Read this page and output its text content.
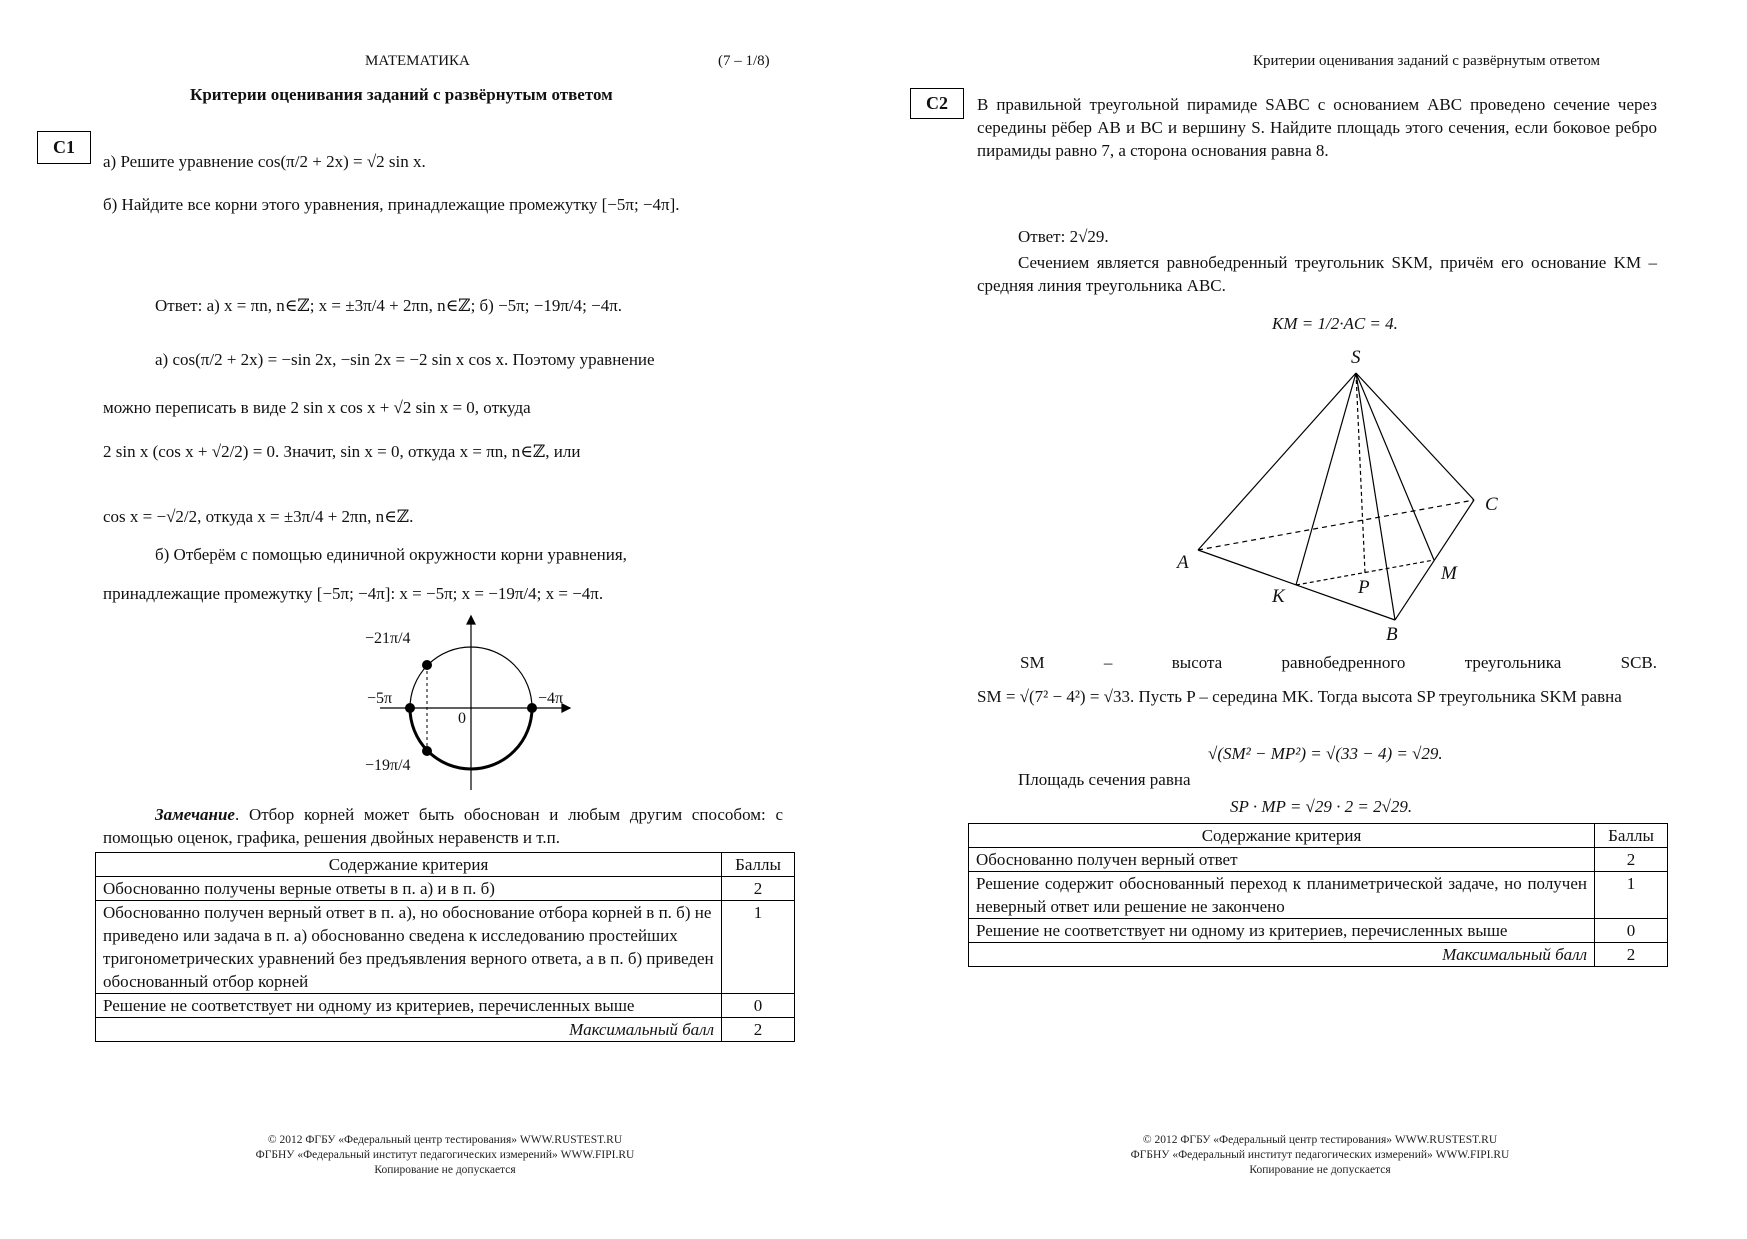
МАТЕМАТИКА	(7 – 1/8)
Критерии оценивания заданий с развёрнутым ответом
C1
а) Решите уравнение cos(π/2 + 2x) = √2 sin x.
б) Найдите все корни этого уравнения, принадлежащие промежутку [−5π; −4π].
Ответ: а) x = πn, n∈ℤ; x = ±3π/4 + 2πn, n∈ℤ; б) −5π; −19π/4; −4π.
а) cos(π/2 + 2x) = −sin 2x, −sin 2x = −2 sin x cos x. Поэтому уравнение
можно переписать в виде 2 sin x cos x + √2 sin x = 0, откуда
2 sin x (cos x + √2/2) = 0. Значит, sin x = 0, откуда x = πn, n∈ℤ, или
cos x = −√2/2, откуда x = ±3π/4 + 2πn, n∈ℤ.
б) Отберём с помощью единичной окружности корни уравнения,
принадлежащие промежутку [−5π; −4π]: x = −5π; x = −19π/4; x = −4π.
−21π/4
−5π	−4π
0
−19π/4
Замечание. Отбор корней может быть обоснован и любым другим способом: с помощью оценок, графика, решения двойных неравенств и т.п.
Содержание критерия	Баллы
Обоснованно получены верные ответы в п. а) и в п. б)	2
Обоснованно получен верный ответ в п. а), но обоснование отбора корней в п. б) не приведено или задача в п. а) обоснованно сведена к исследованию простейших тригонометрических уравнений без предъявления верного ответа, а в п. б) приведен обоснованный отбор корней	1
Решение не соответствует ни одному из критериев, перечисленных выше	0
Максимальный балл	2
© 2012 ФГБУ «Федеральный центр тестирования» WWW.RUSTEST.RU
ФГБНУ «Федеральный институт педагогических измерений» WWW.FIPI.RU
Копирование не допускается
Критерии оценивания заданий с развёрнутым ответом
C2	В правильной треугольной пирамиде SABC с основанием ABC проведено сечение через середины рёбер AB и BC и вершину S. Найдите площадь этого сечения, если боковое ребро пирамиды равно 7, а сторона основания равна 8.
Ответ: 2√29.
Сечением является равнобедренный треугольник SKM, причём его основание KM – средняя линия треугольника ABC.
KM = 1/2·AC = 4.
S
A
B
C
K
M
P
SM – высота равнобедренного треугольника SCB.
SM = √(7² − 4²) = √33. Пусть P – середина MK. Тогда высота SP треугольника SKM равна
√(SM² − MP²) = √(33 − 4) = √29.
Площадь сечения равна
SP · MP = √29 · 2 = 2√29.
Содержание критерия	Баллы
Обоснованно получен верный ответ	2
Решение содержит обоснованный переход к планиметрической задаче, но получен неверный ответ или решение не закончено	1
Решение не соответствует ни одному из критериев, перечисленных выше	0
Максимальный балл	2
© 2012 ФГБУ «Федеральный центр тестирования» WWW.RUSTEST.RU
ФГБНУ «Федеральный институт педагогических измерений» WWW.FIPI.RU
Копирование не допускается
